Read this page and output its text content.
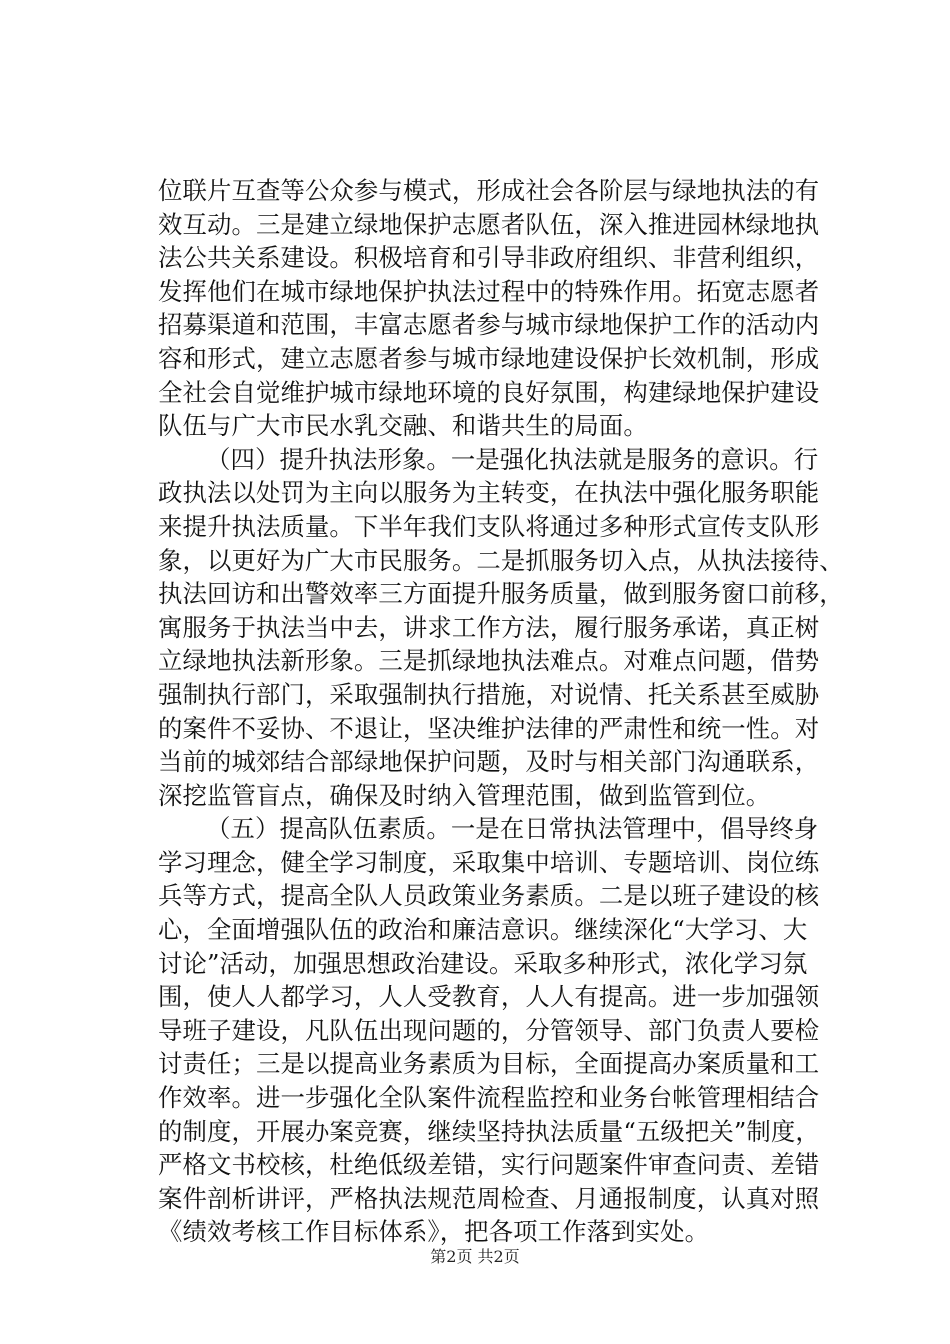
位联片互查等公众参与模式，形成社会各阶层与绿地执法的有
效互动。三是建立绿地保护志愿者队伍，深入推进园林绿地执
法公共关系建设。积极培育和引导非政府组织、非营利组织，
发挥他们在城市绿地保护执法过程中的特殊作用。拓宽志愿者
招募渠道和范围，丰富志愿者参与城市绿地保护工作的活动内
容和形式，建立志愿者参与城市绿地建设保护长效机制，形成
全社会自觉维护城市绿地环境的良好氛围，构建绿地保护建设
队伍与广大市民水乳交融、和谐共生的局面。
（四）提升执法形象。一是强化执法就是服务的意识。行
政执法以处罚为主向以服务为主转变，在执法中强化服务职能
来提升执法质量。下半年我们支队将通过多种形式宣传支队形
象，以更好为广大市民服务。二是抓服务切入点，从执法接待、
执法回访和出警效率三方面提升服务质量，做到服务窗口前移，
寓服务于执法当中去，讲求工作方法，履行服务承诺，真正树
立绿地执法新形象。三是抓绿地执法难点。对难点问题，借势
强制执行部门，采取强制执行措施，对说情、托关系甚至威胁
的案件不妥协、不退让，坚决维护法律的严肃性和统一性。对
当前的城郊结合部绿地保护问题，及时与相关部门沟通联系，
深挖监管盲点，确保及时纳入管理范围，做到监管到位。
（五）提高队伍素质。一是在日常执法管理中，倡导终身
学习理念，健全学习制度，采取集中培训、专题培训、岗位练
兵等方式，提高全队人员政策业务素质。二是以班子建设的核
心，全面增强队伍的政治和廉洁意识。继续深化“大学习、大
讨论”活动，加强思想政治建设。采取多种形式，浓化学习氛
围，使人人都学习，人人受教育，人人有提高。进一步加强领
导班子建设，凡队伍出现问题的，分管领导、部门负责人要检
讨责任；三是以提高业务素质为目标，全面提高办案质量和工
作效率。进一步强化全队案件流程监控和业务台帐管理相结合
的制度，开展办案竞赛，继续坚持执法质量“五级把关”制度，
严格文书校核，杜绝低级差错，实行问题案件审查问责、差错
案件剖析讲评，严格执法规范周检查、月通报制度，认真对照
《绩效考核工作目标体系》，把各项工作落到实处。
第2页 共2页
